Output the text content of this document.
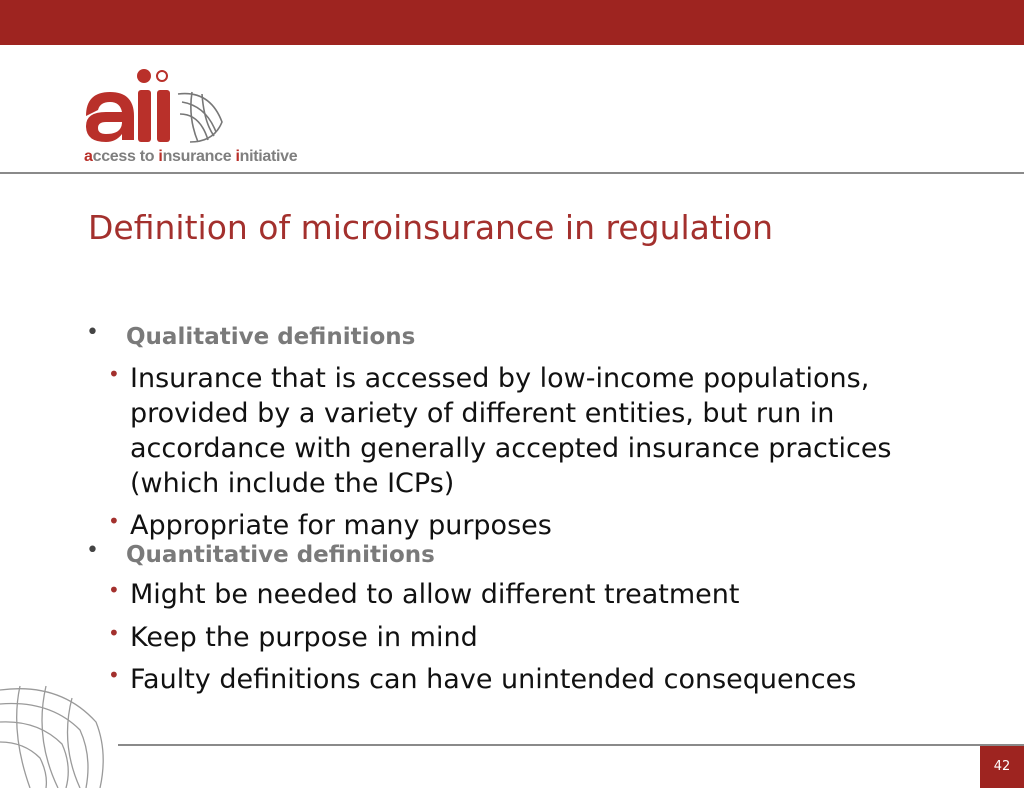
access to insurance initiative
Definition of microinsurance in regulation
• Qualitative definitions
• Insurance that is accessed by low-income populations, provided by a variety of different entities, but run in accordance with generally accepted insurance practices (which include the ICPs)
• Appropriate for many purposes
• Quantitative definitions
• Might be needed to allow different treatment
• Keep the purpose in mind
• Faulty definitions can have unintended consequences
42
